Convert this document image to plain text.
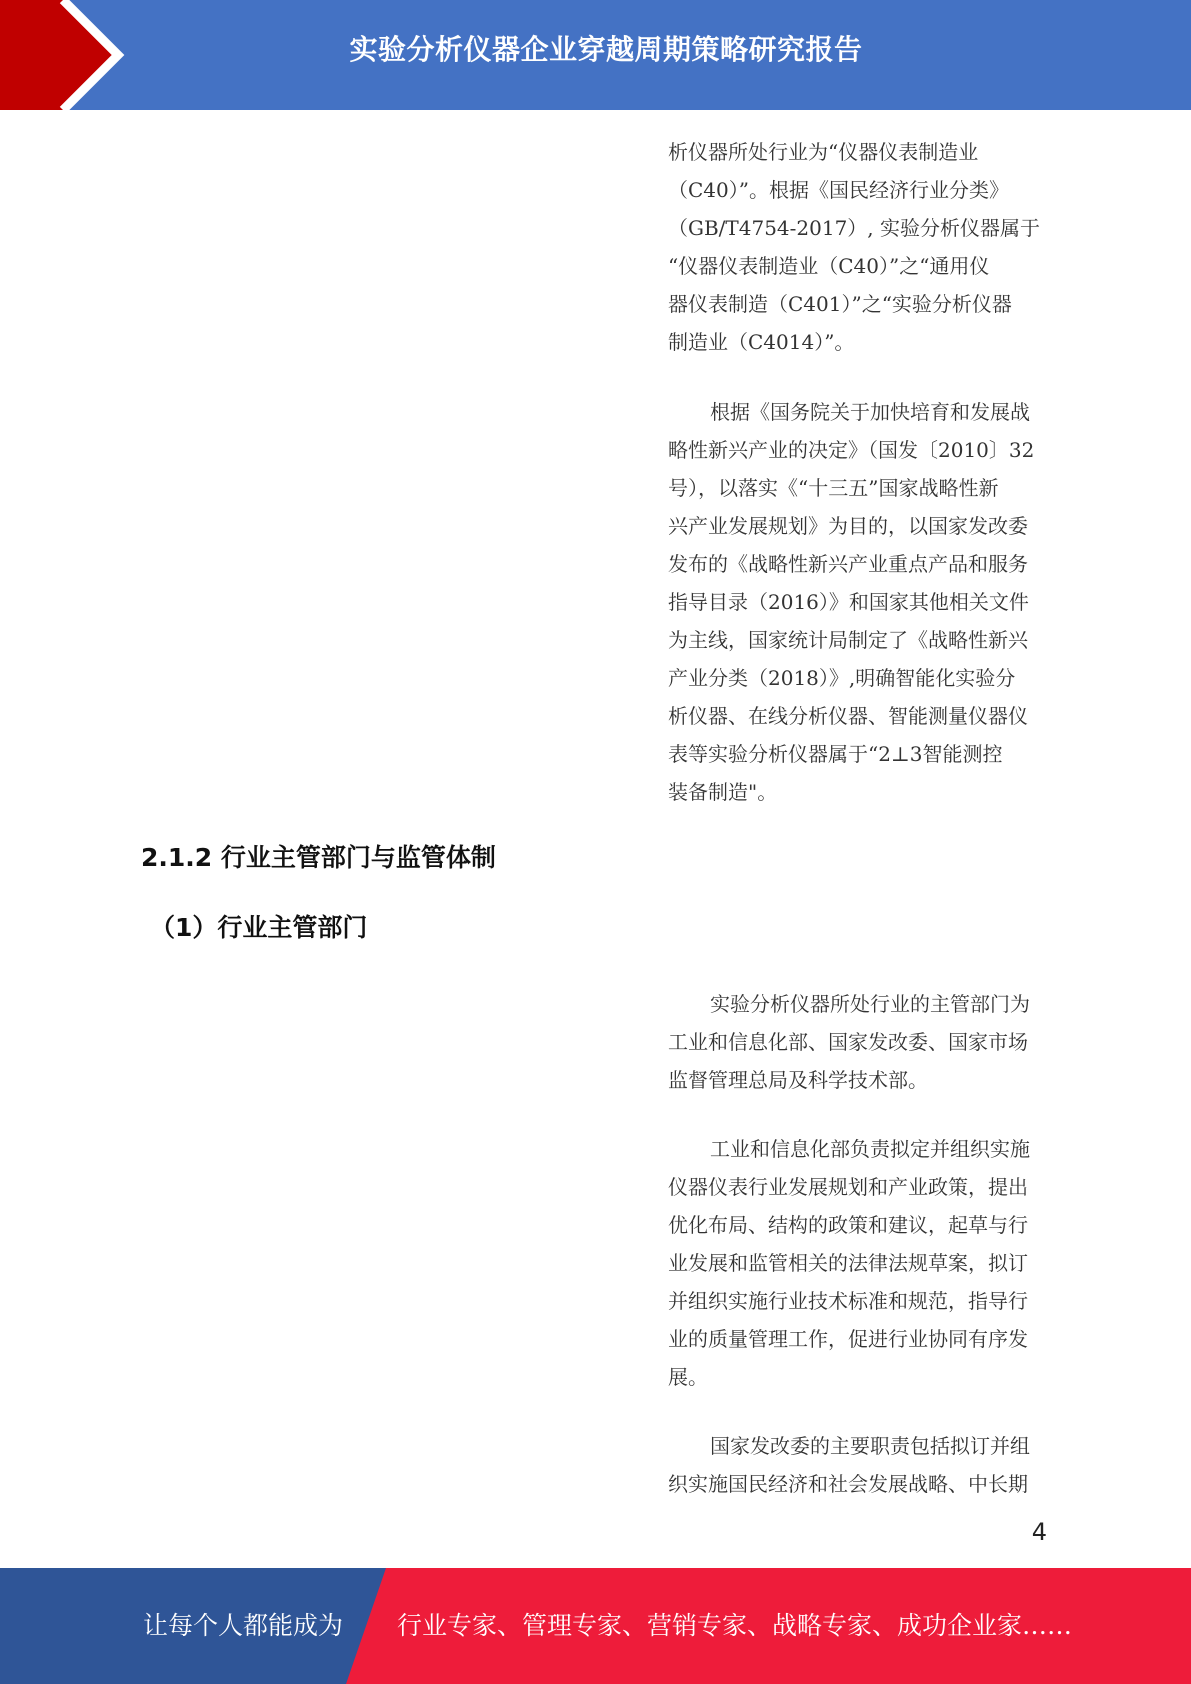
实验分析仪器企业穿越周期策略研究报告

析仪器所处行业为“仪器仪表制造业
（C40）”。根据《国民经济行业分类》
（GB/T4754-2017）, 实验分析仪器属于
“仪器仪表制造业（C40）”之“通用仪
器仪表制造（C401）”之“实验分析仪器
制造业（C4014）”。

根据《国务院关于加快培育和发展战
略性新兴产业的决定》（国发〔2010〕32
号），以落实《“十三五”国家战略性新
兴产业发展规划》为目的，以国家发改委
发布的《战略性新兴产业重点产品和服务
指导目录（2016）》和国家其他相关文件
为主线，国家统计局制定了《战略性新兴
产业分类（2018）》,明确智能化实验分
析仪器、在线分析仪器、智能测量仪器仪
表等实验分析仪器属于“2⊥3智能测控
装备制造"。

2.1.2 行业主管部门与监管体制
（1）行业主管部门

实验分析仪器所处行业的主管部门为
工业和信息化部、国家发改委、国家市场
监督管理总局及科学技术部。

工业和信息化部负责拟定并组织实施
仪器仪表行业发展规划和产业政策，提出
优化布局、结构的政策和建议，起草与行
业发展和监管相关的法律法规草案，拟订
并组织实施行业技术标准和规范，指导行
业的质量管理工作，促进行业协同有序发
展。

国家发改委的主要职责包括拟订并组
织实施国民经济和社会发展战略、中长期

4
让每个人都能成为 行业专家、管理专家、营销专家、战略专家、成功企业家……
